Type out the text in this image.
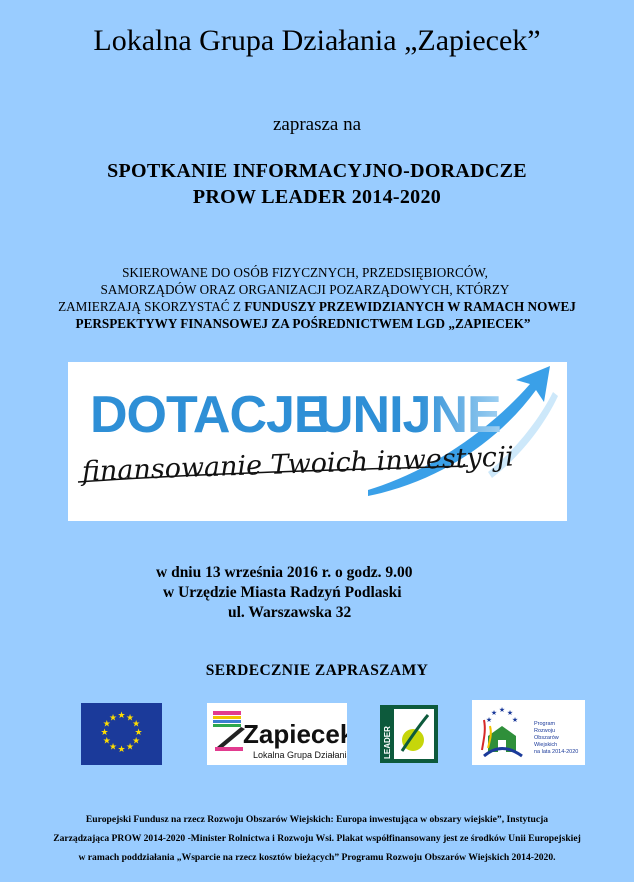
Lokalna Grupa Działania „Zapiecek”
zaprasza na
SPOTKANIE INFORMACYJNO-DORADCZE
PROW LEADER 2014-2020
SKIEROWANE DO OSÓB FIZYCZNYCH, PRZEDSIĘBIORCÓW,
SAMORZĄDÓW ORAZ ORGANIZACJI POZARZĄDOWYCH, KTÓRZY
ZAMIERZAJĄ SKORZYSTAĆ Z FUNDUSZY PRZEWIDZIANYCH W RAMACH NOWEJ
PERSPEKTYWY FINANSOWEJ ZA POŚREDNICTWEM LGD „ZAPIECEK”
DOTACJE
UNIJNE
finansowanie Twoich inwestycji
w dniu 13 września 2016 r. o godz. 9.00
w Urzędzie Miasta Radzyń Podlaski
ul. Warszawska 32
SERDECZNIE ZAPRASZAMY
★ ★
★
★
★
★
★
★
★
★
★
★
Zapiecek
Lokalna Grupa Działania	LEADER
★ ★
★
★
★	Program
Rozwoju
Obszarów
Wiejskich
na lata 2014-2020
Europejski Fundusz na rzecz Rozwoju Obszarów Wiejskich: Europa inwestująca w obszary wiejskie”, Instytucja
Zarządzająca PROW 2014-2020 -Minister Rolnictwa i Rozwoju Wsi. Plakat współfinansowany jest ze środków Unii Europejskiej
w ramach poddziałania „Wsparcie na rzecz kosztów bieżących” Programu Rozwoju Obszarów Wiejskich 2014-2020.
